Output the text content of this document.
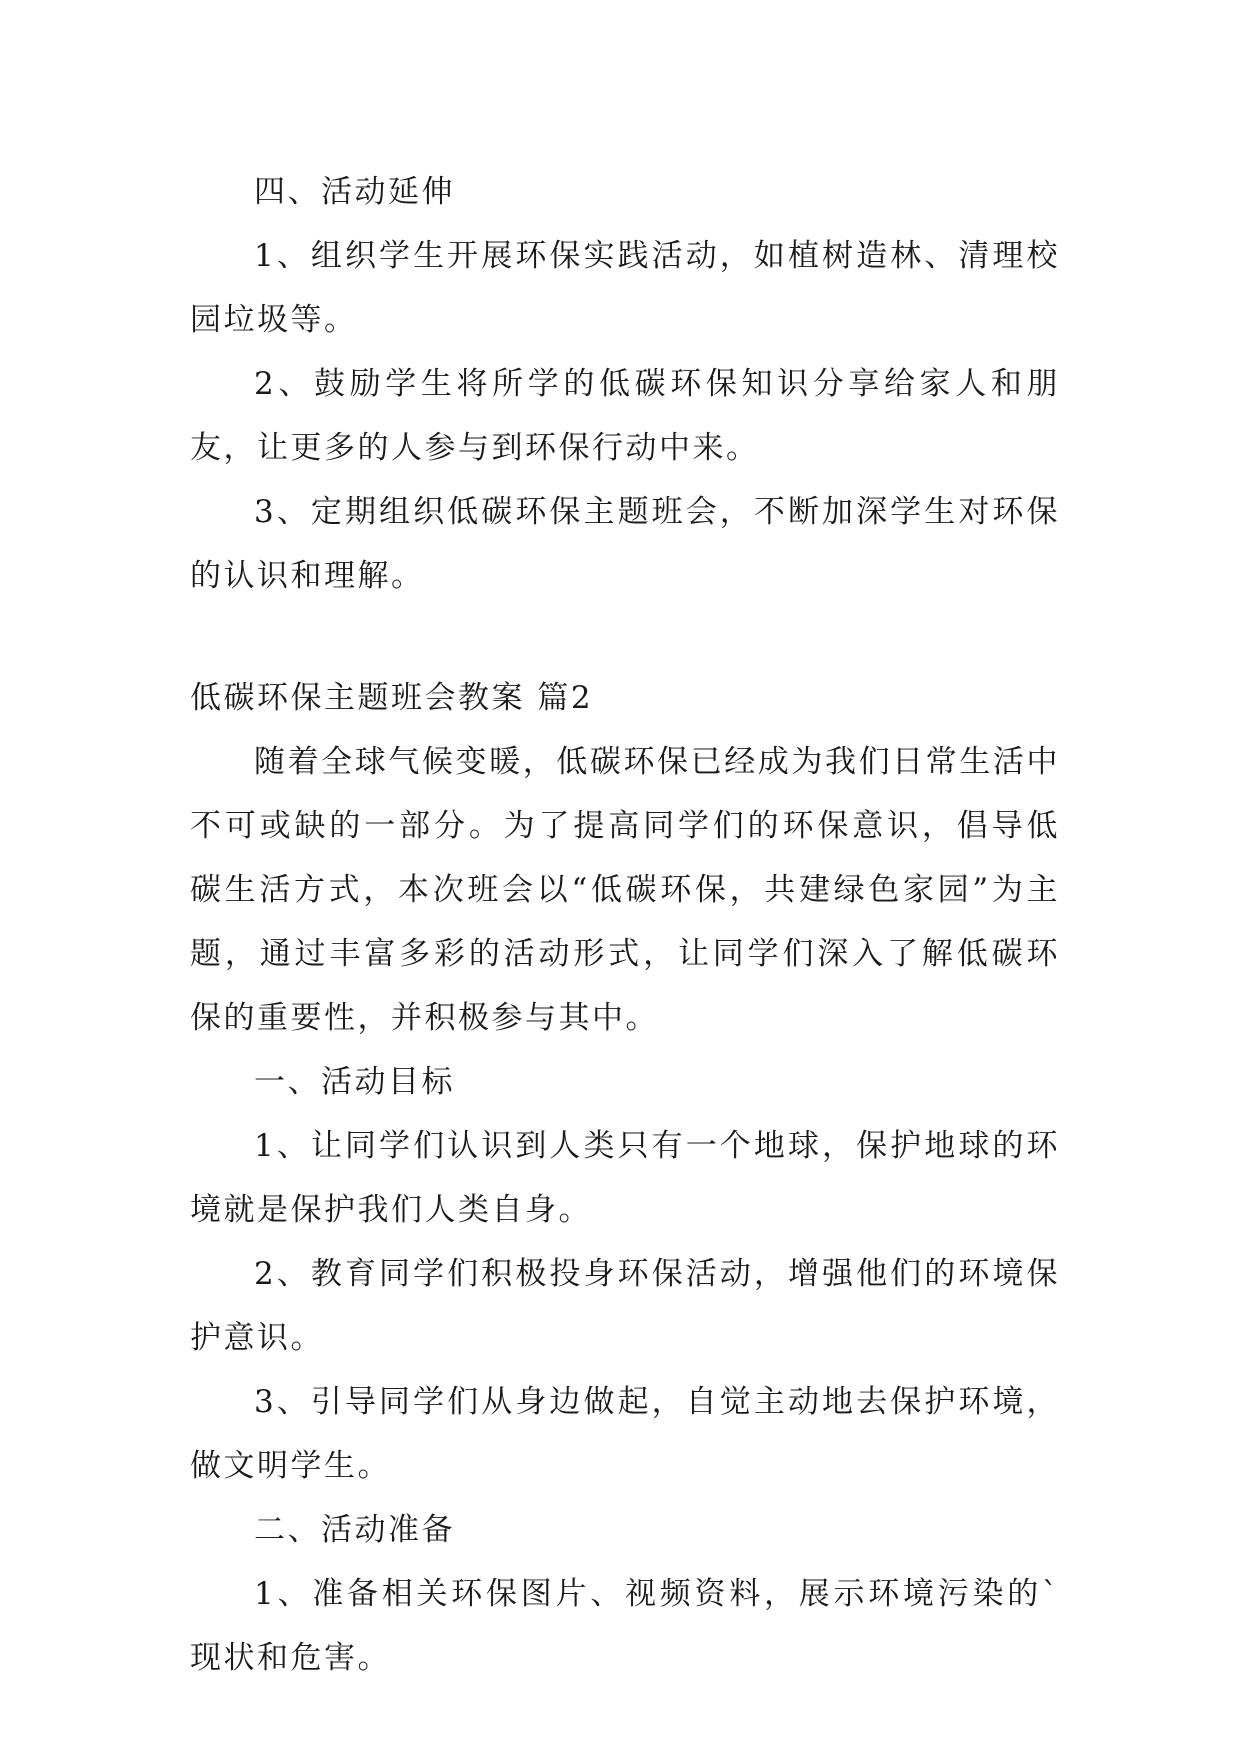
四、活动延伸

1、组织学生开展环保实践活动，如植树造林、清理校园垃圾等。

2、鼓励学生将所学的低碳环保知识分享给家人和朋友，让更多的人参与到环保行动中来。

3、定期组织低碳环保主题班会，不断加深学生对环保的认识和理解。

低碳环保主题班会教案 篇2

随着全球气候变暖，低碳环保已经成为我们日常生活中不可或缺的一部分。为了提高同学们的环保意识，倡导低碳生活方式，本次班会以“低碳环保，共建绿色家园”为主题，通过丰富多彩的活动形式，让同学们深入了解低碳环保的重要性，并积极参与其中。

一、活动目标

1、让同学们认识到人类只有一个地球，保护地球的环境就是保护我们人类自身。

2、教育同学们积极投身环保活动，增强他们的环境保护意识。

3、引导同学们从身边做起，自觉主动地去保护环境，做文明学生。

二、活动准备

1、准备相关环保图片、视频资料，展示环境污染的`现状和危害。
